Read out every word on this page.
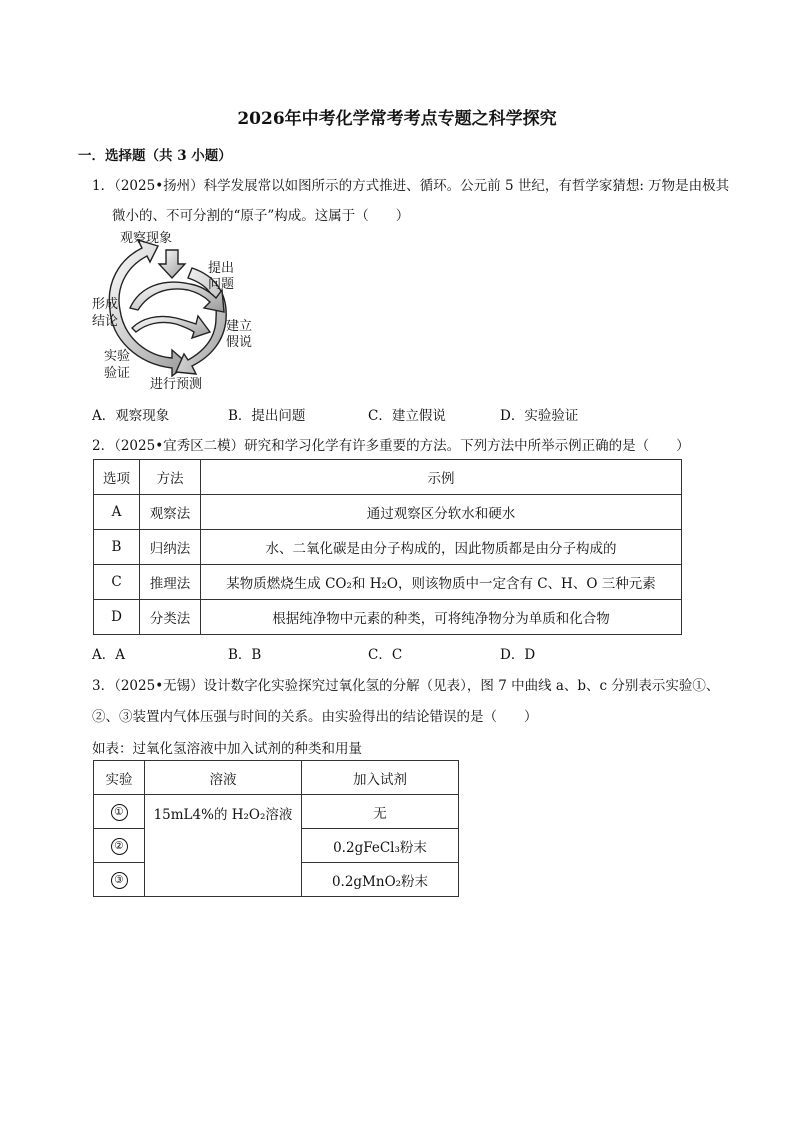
2026年中考化学常考考点专题之科学探究
一．选择题（共 3 小题）
1．（2025•扬州）科学发展常以如图所示的方式推进、循环。公元前 5 世纪，有哲学家猜想: 万物是由极其
微小的、不可分割的“原子”构成。这属于（　　）
观察现象
提出
问题
建立
假说
进行预测
实验
验证
形成
结论
A．观察现象	B．提出问题	C．建立假说	D．实验验证
2．（2025•宜秀区二模）研究和学习化学有许多重要的方法。下列方法中所举示例正确的是（　　）
选项	方法	示例
A	观察法	通过观察区分软水和硬水
B	归纳法	水、二氧化碳是由分子构成的，因此物质都是由分子构成的
C	推理法	某物质燃烧生成 CO₂和 H₂O，则该物质中一定含有 C、H、O 三种元素
D	分类法	根据纯净物中元素的种类，可将纯净物分为单质和化合物
A．A	B．B	C．C	D．D
3．（2025•无锡）设计数字化实验探究过氧化氢的分解（见表），图 7 中曲线 a、b、c 分别表示实验①、
②、③装置内气体压强与时间的关系。由实验得出的结论错误的是（　　）
如表：过氧化氢溶液中加入试剂的种类和用量
实验	溶液	加入试剂
①	15mL4%的 H₂O₂溶液	无
②		0.2gFeCl₃粉末
③		0.2gMnO₂粉末
